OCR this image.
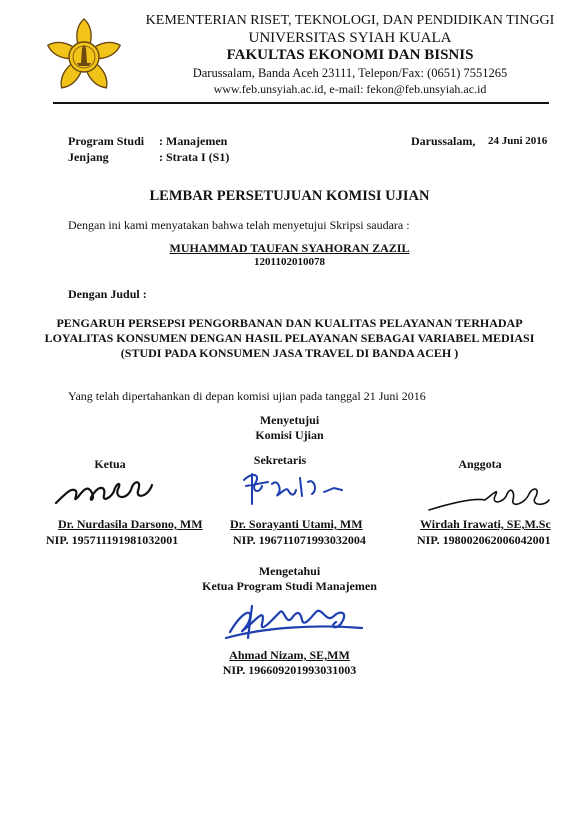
KEMENTERIAN RISET, TEKNOLOGI, DAN PENDIDIKAN TINGGI
UNIVERSITAS SYIAH KUALA
FAKULTAS EKONOMI DAN BISNIS
Darussalam, Banda Aceh 23111, Telepon/Fax: (0651) 7551265
www.feb.unsyiah.ac.id, e-mail: fekon@feb.unsyiah.ac.id
Program Studi : Manajemen
Jenjang	: Strata I (S1)
Darussalam, 24 Juni 2016
LEMBAR PERSETUJUAN KOMISI UJIAN
Dengan ini kami menyatakan bahwa telah menyetujui Skripsi saudara :
MUHAMMAD TAUFAN SYAHORAN ZAZIL
1201102010078
Dengan Judul :
PENGARUH PERSEPSI PENGORBANAN DAN KUALITAS PELAYANAN TERHADAP
LOYALITAS KONSUMEN DENGAN HASIL PELAYANAN SEBAGAI VARIABEL MEDIASI
(STUDI PADA KONSUMEN JASA TRAVEL DI BANDA ACEH )
Yang telah dipertahankan di depan komisi ujian pada tanggal 21 Juni 2016
Menyetujui
Komisi Ujian
Ketua	Sekretaris	Anggota
Dr. Nurdasila Darsono, MM
NIP. 195711191981032001
Dr. Sorayanti Utami, MM
NIP. 196711071993032004
Wirdah Irawati, SE,M.Sc
NIP. 198002062006042001
Mengetahui
Ketua Program Studi Manajemen
Ahmad Nizam, SE,MM
NIP. 196609201993031003
